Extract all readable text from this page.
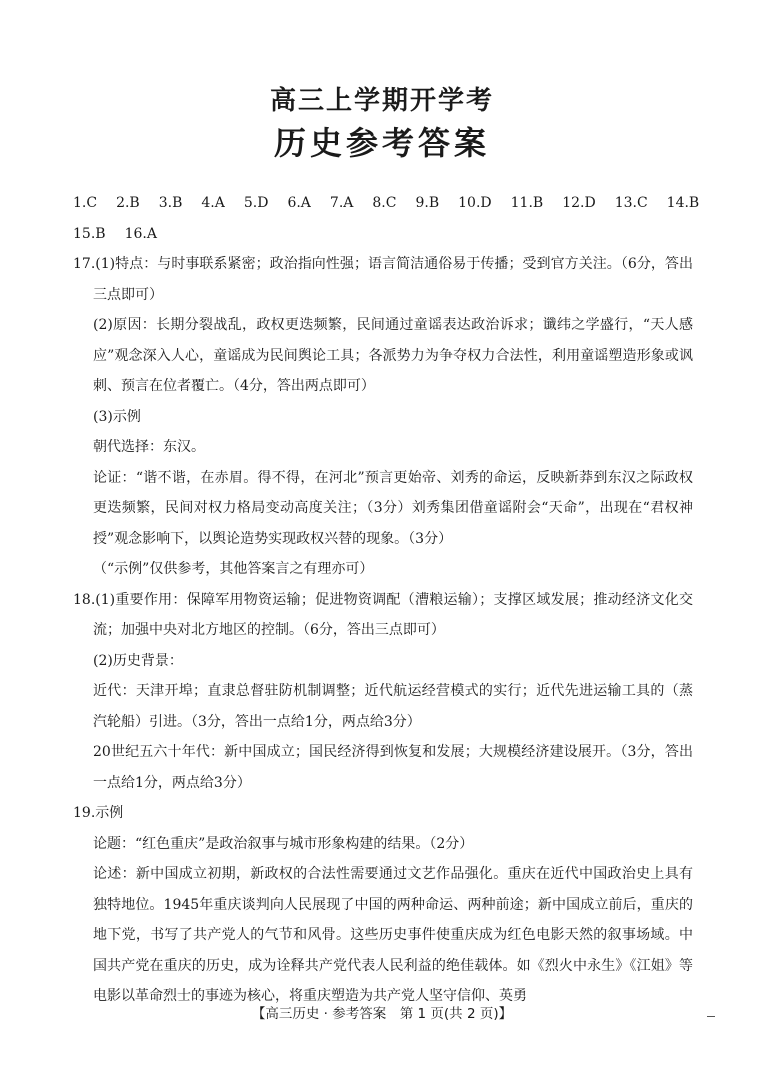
高三上学期开学考
历史参考答案
1.C 2.B 3.B 4.A 5.D 6.A 7.A 8.C 9.B 10.D 11.B 12.D 13.C 14.B
15.B 16.A

17.(1)特点：与时事联系紧密；政治指向性强；语言简洁通俗易于传播；受到官方关注。（6分，答出三点即可）

(2)原因：长期分裂战乱，政权更迭频繁，民间通过童谣表达政治诉求；谶纬之学盛行，“天人感应”观念深入人心，童谣成为民间舆论工具；各派势力为争夺权力合法性，利用童谣塑造形象或讽刺、预言在位者覆亡。（4分，答出两点即可）

(3)示例

朝代选择：东汉。

论证：“谐不谐，在赤眉。得不得，在河北”预言更始帝、刘秀的命运，反映新莽到东汉之际政权更迭频繁，民间对权力格局变动高度关注；（3分）刘秀集团借童谣附会“天命”，出现在“君权神授”观念影响下，以舆论造势实现政权兴替的现象。（3分）

（“示例”仅供参考，其他答案言之有理亦可）

18.(1)重要作用：保障军用物资运输；促进物资调配（漕粮运输）；支撑区域发展；推动经济文化交流；加强中央对北方地区的控制。（6分，答出三点即可）

(2)历史背景：

近代：天津开埠；直隶总督驻防机制调整；近代航运经营模式的实行；近代先进运输工具的（蒸汽轮船）引进。（3分，答出一点给1分，两点给3分）

20世纪五六十年代：新中国成立；国民经济得到恢复和发展；大规模经济建设展开。（3分，答出一点给1分，两点给3分）

19.示例

论题：“红色重庆”是政治叙事与城市形象构建的结果。（2分）

论述：新中国成立初期，新政权的合法性需要通过文艺作品强化。重庆在近代中国政治史上具有独特地位。1945年重庆谈判向人民展现了中国的两种命运、两种前途；新中国成立前后，重庆的地下党，书写了共产党人的气节和风骨。这些历史事件使重庆成为红色电影天然的叙事场域。中国共产党在重庆的历史，成为诠释共产党代表人民利益的绝佳载体。如《烈火中永生》《江姐》等电影以革命烈士的事迹为核心，将重庆塑造为共产党人坚守信仰、英勇

【高三历史 · 参考答案　第 1 页(共 2 页)】
